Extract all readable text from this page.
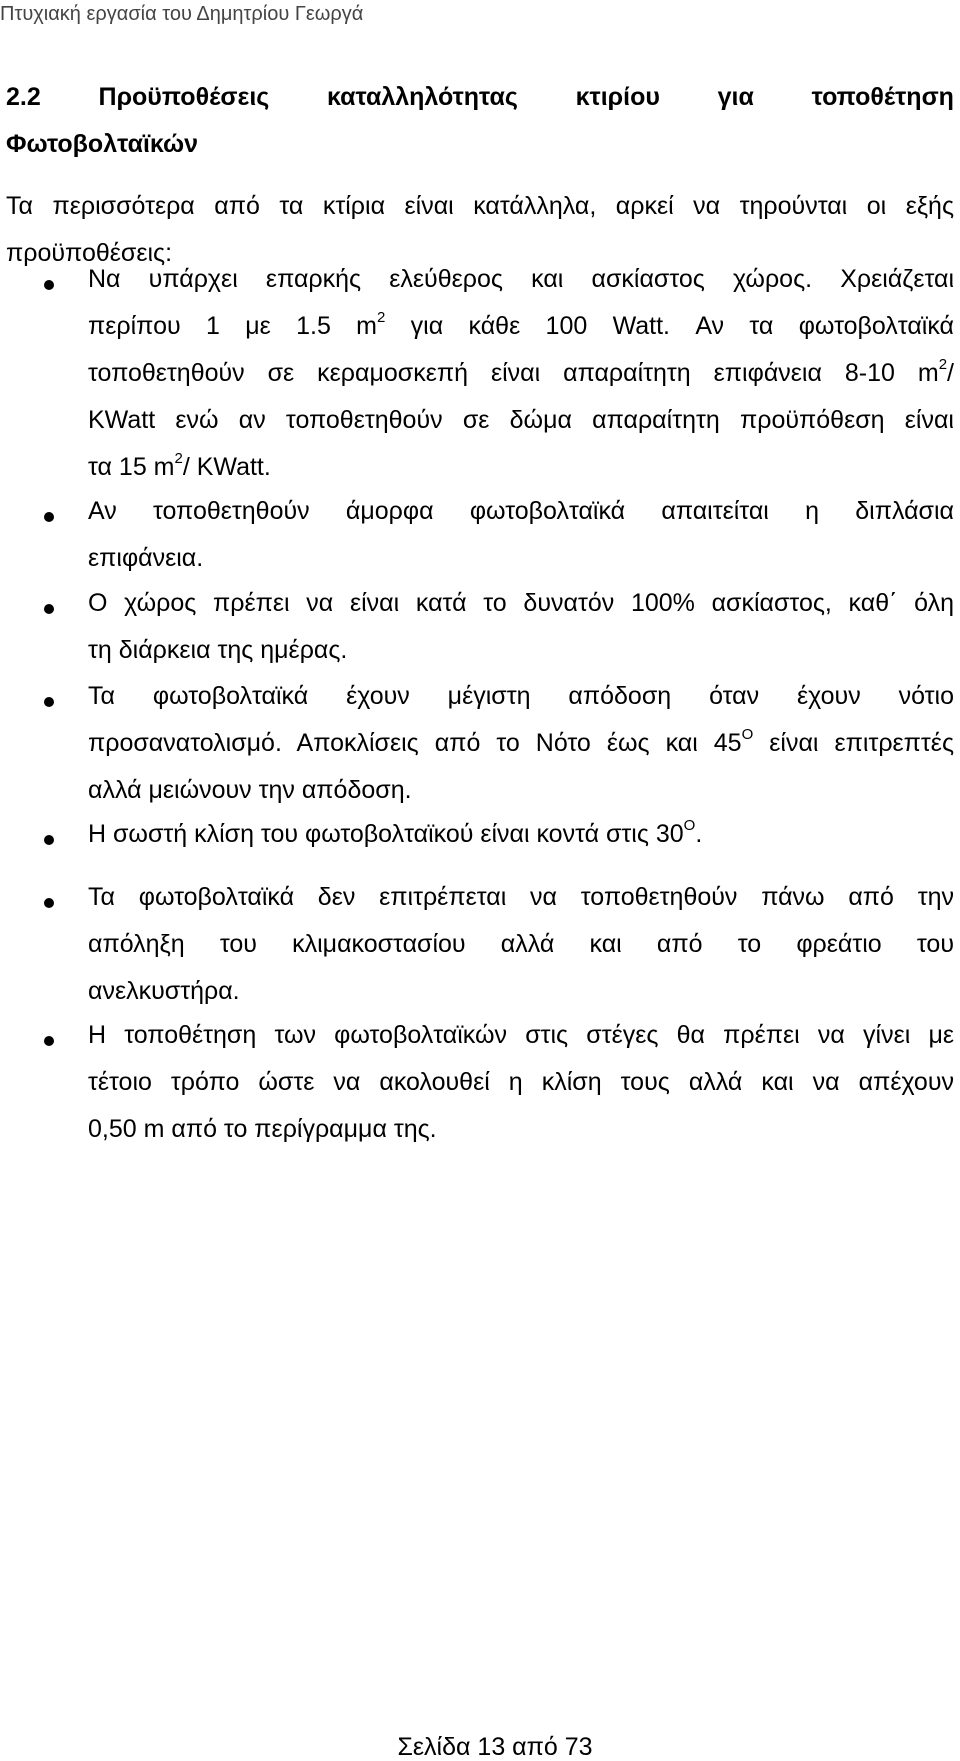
Πτυχιακή εργασία του Δημητρίου Γεωργά
2.2 Προϋποθέσεις καταλληλότητας κτιρίου για τοποθέτηση
Φωτοβολταϊκών
Τα περισσότερα από τα κτίρια είναι κατάλληλα, αρκεί να τηρούνται οι εξής
προϋποθέσεις:
Να υπάρχει επαρκής ελεύθερος και ασκίαστος χώρος. Χρειάζεται
περίπου 1 με 1.5 $m^2$ για κάθε 100 Watt. Αν τα φωτοβολταϊκά
τοποθετηθούν σε κεραμοσκεπή είναι απαραίτητη επιφάνεια 8-10 $m^2/$
KWatt ενώ αν τοποθετηθούν σε δώμα απαραίτητη προϋπόθεση είναι
τα 15 $m^2/$ KWatt.
Αν τοποθετηθούν άμορφα φωτοβολταϊκά απαιτείται η διπλάσια
επιφάνεια.
Ο χώρος πρέπει να είναι κατά το δυνατόν 100% ασκίαστος, καθ΄ όλη
τη διάρκεια της ημέρας.
Τα φωτοβολταϊκά έχουν μέγιστη απόδοση όταν έχουν νότιο
προσανατολισμό. Αποκλίσεις από το Νότο έως και $45^O$ είναι επιτρεπτές
αλλά μειώνουν την απόδοση.
Η σωστή κλίση του φωτοβολταϊκού είναι κοντά στις $30^O$.
Τα φωτοβολταϊκά δεν επιτρέπεται να τοποθετηθούν πάνω από την
απόληξη του κλιμακοστασίου αλλά και από το φρεάτιο του
ανελκυστήρα.
Η τοποθέτηση των φωτοβολταϊκών στις στέγες θα πρέπει να γίνει με
τέτοιο τρόπο ώστε να ακολουθεί η κλίση τους αλλά και να απέχουν
0,50 m από το περίγραμμα της.
Σελίδα 13 από 73
